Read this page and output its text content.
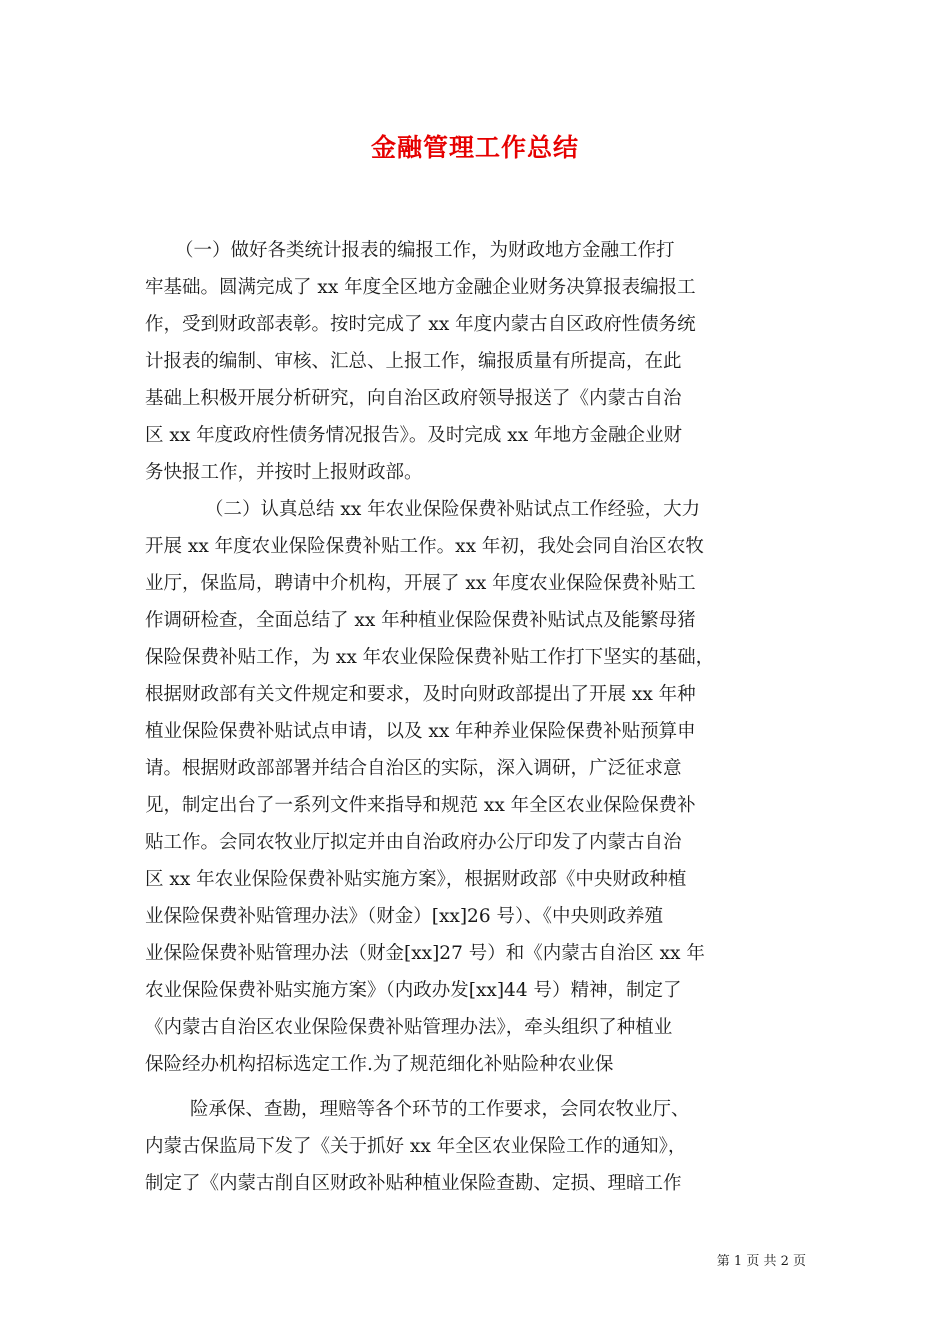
金融管理工作总结
（一）做好各类统计报表的编报工作，为财政地方金融工作打
牢基础。圆满完成了 xx 年度全区地方金融企业财务决算报表编报工
作，受到财政部表彰。按时完成了 xx 年度内蒙古自区政府性债务统
计报表的编制、审核、汇总、上报工作，编报质量有所提高，在此
基础上积极开展分析研究，向自治区政府领导报送了《内蒙古自治
区 xx 年度政府性债务情况报告》。及时完成 xx 年地方金融企业财
务快报工作，并按时上报财政部。
（二）认真总结 xx 年农业保险保费补贴试点工作经验，大力
开展 xx 年度农业保险保费补贴工作。xx 年初，我处会同自治区农牧
业厅，保监局，聘请中介机构，开展了 xx 年度农业保险保费补贴工
作调研检查，全面总结了 xx 年种植业保险保费补贴试点及能繁母猪
保险保费补贴工作，为 xx 年农业保险保费补贴工作打下坚实的基础，
根据财政部有关文件规定和要求，及时向财政部提出了开展 xx 年种
植业保险保费补贴试点申请，以及 xx 年种养业保险保费补贴预算申
请。根据财政部部署并结合自治区的实际，深入调研，广泛征求意
见，制定出台了一系列文件来指导和规范 xx 年全区农业保险保费补
贴工作。会同农牧业厅拟定并由自治政府办公厅印发了内蒙古自治
区 xx 年农业保险保费补贴实施方案》，根据财政部《中央财政种植
业保险保费补贴管理办法》（财金）[xx]26 号）、《中央则政养殖
业保险保费补贴管理办法（财金[xx]27 号）和《内蒙古自治区 xx 年
农业保险保费补贴实施方案》（内政办发[xx]44 号）精神，制定了
《内蒙古自治区农业保险保费补贴管理办法》，牵头组织了种植业
保险经办机构招标选定工作.为了规范细化补贴险种农业保
险承保、查勘，理赔等各个环节的工作要求，会同农牧业厅、
内蒙古保监局下发了《关于抓好 xx 年全区农业保险工作的通知》，
制定了《内蒙古削自区财政补贴种植业保险查勘、定损、理暗工作
第 1 页 共 2 页
